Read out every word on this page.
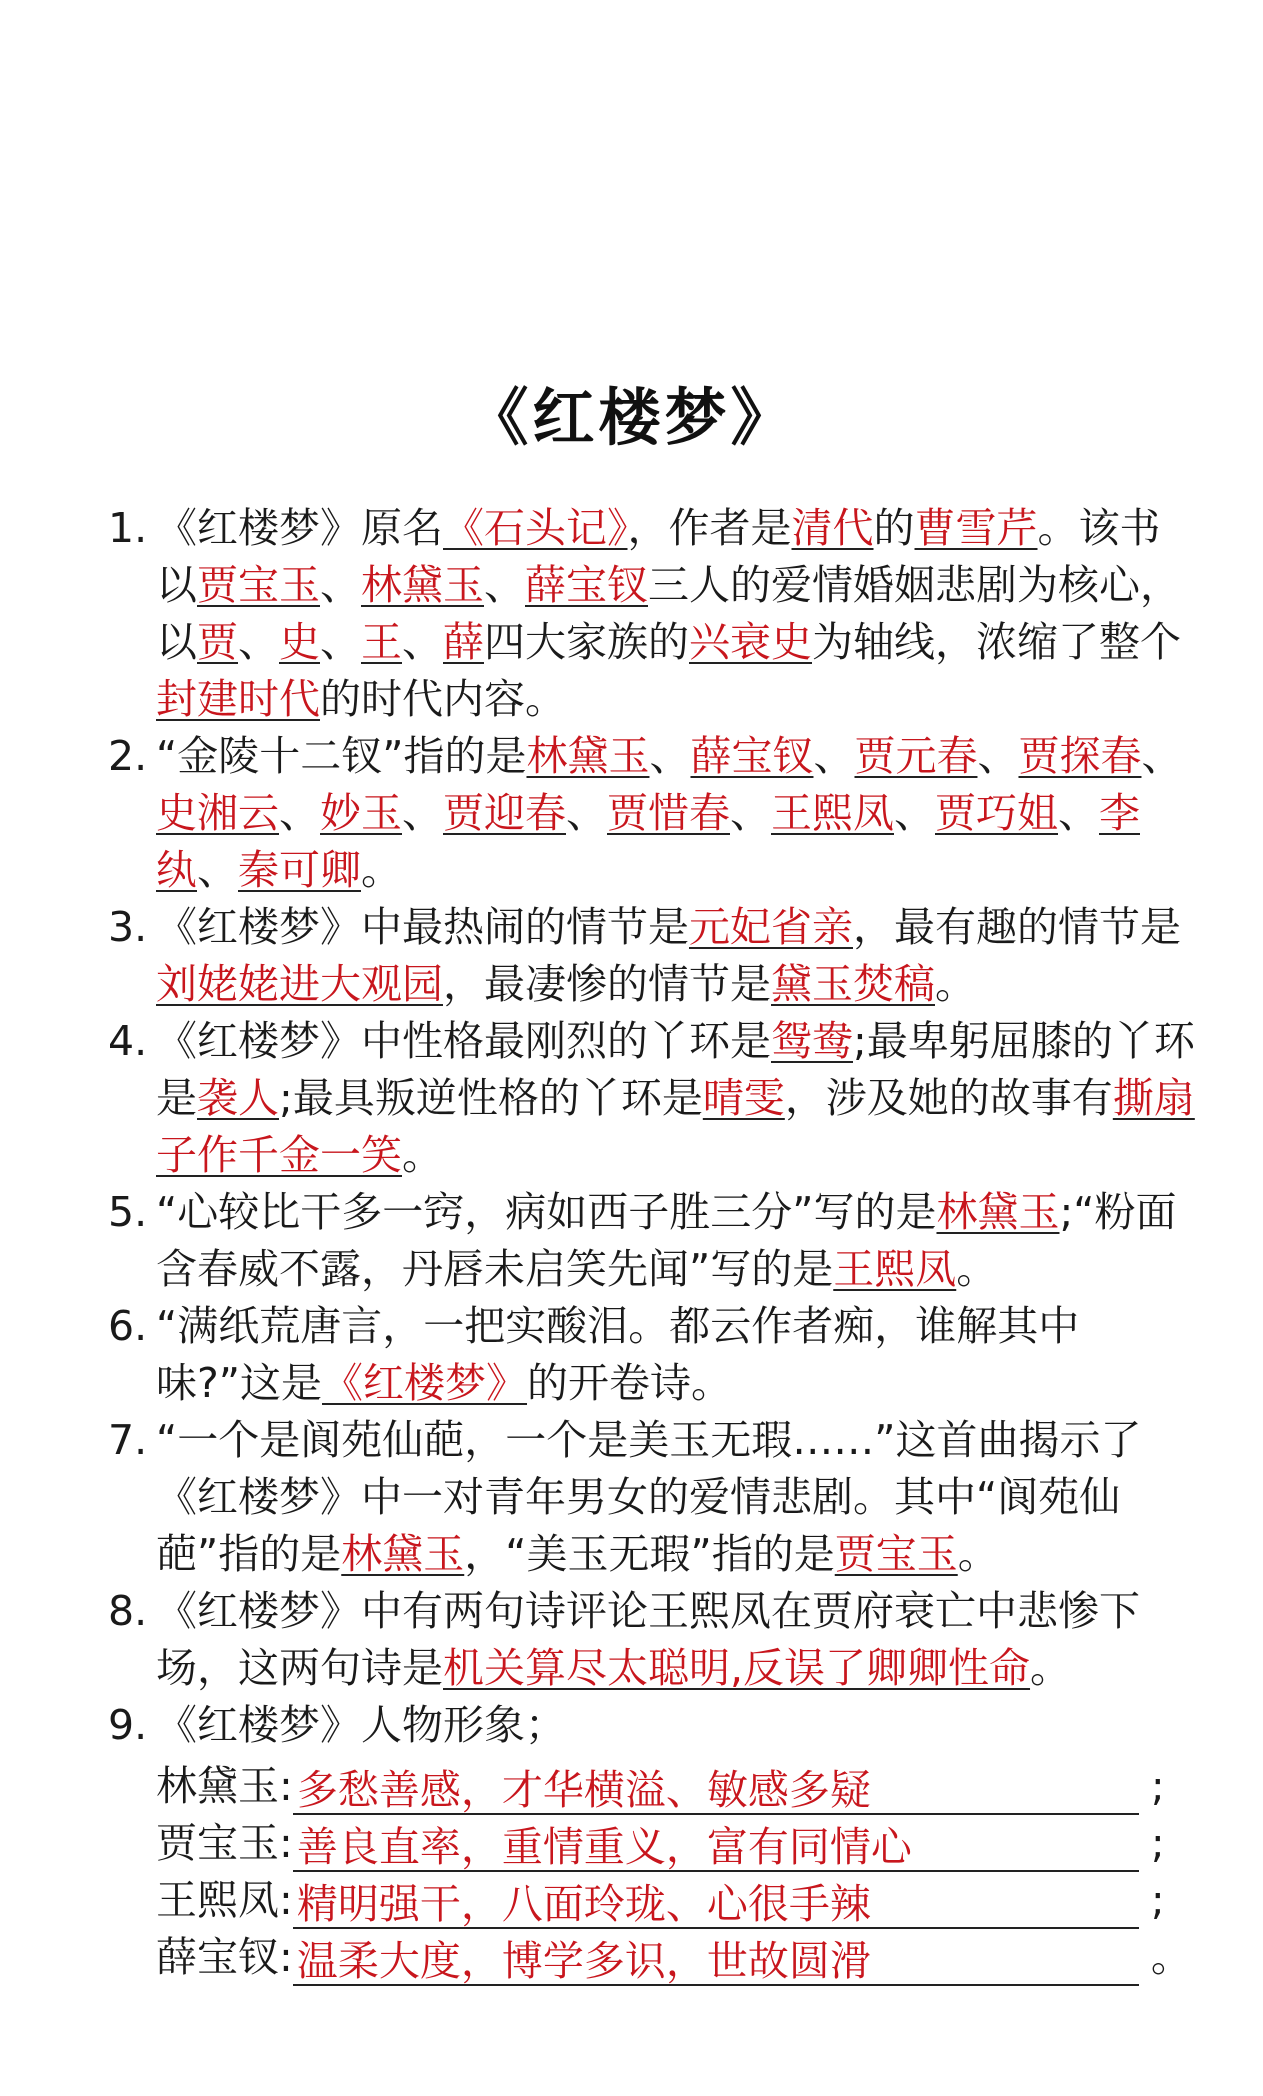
《红楼梦》
1. 《红楼梦》原名《石头记》，作者是清代的曹雪芹。该书以贾宝玉、林黛玉、薛宝钗三人的爱情婚姻悲剧为核心，以贾、史、王、薛四大家族的兴衰史为轴线，浓缩了整个封建时代的时代内容。
2. “金陵十二钗”指的是林黛玉、薛宝钗、贾元春、贾探春、史湘云、妙玉、贾迎春、贾惜春、王熙凤、贾巧姐、李纨、秦可卿。
3. 《红楼梦》中最热闹的情节是元妃省亲，最有趣的情节是刘姥姥进大观园，最凄惨的情节是黛玉焚稿。
4. 《红楼梦》中性格最刚烈的丫环是鸳鸯;最卑躬屈膝的丫环是袭人;最具叛逆性格的丫环是晴雯，涉及她的故事有撕扇子作千金一笑。
5. “心较比干多一窍，病如西子胜三分”写的是林黛玉;“粉面含春威不露，丹唇未启笑先闻”写的是王熙凤。
6. “满纸荒唐言，一把实酸泪。都云作者痴，谁解其中味?”这是《红楼梦》的开卷诗。
7. “一个是阆苑仙葩，一个是美玉无瑕……”这首曲揭示了《红楼梦》中一对青年男女的爱情悲剧。其中“阆苑仙葩”指的是林黛玉，“美玉无瑕”指的是贾宝玉。
8. 《红楼梦》中有两句诗评论王熙凤在贾府衰亡中悲惨下场，这两句诗是机关算尽太聪明,反误了卿卿性命。
9. 《红楼梦》人物形象；
林黛玉: 多愁善感，才华横溢、敏感多疑	;
贾宝玉: 善良直率，重情重义，富有同情心	;
王熙凤: 精明强干，八面玲珑、心很手辣	;
薛宝钗: 温柔大度，博学多识，世故圆滑	。
